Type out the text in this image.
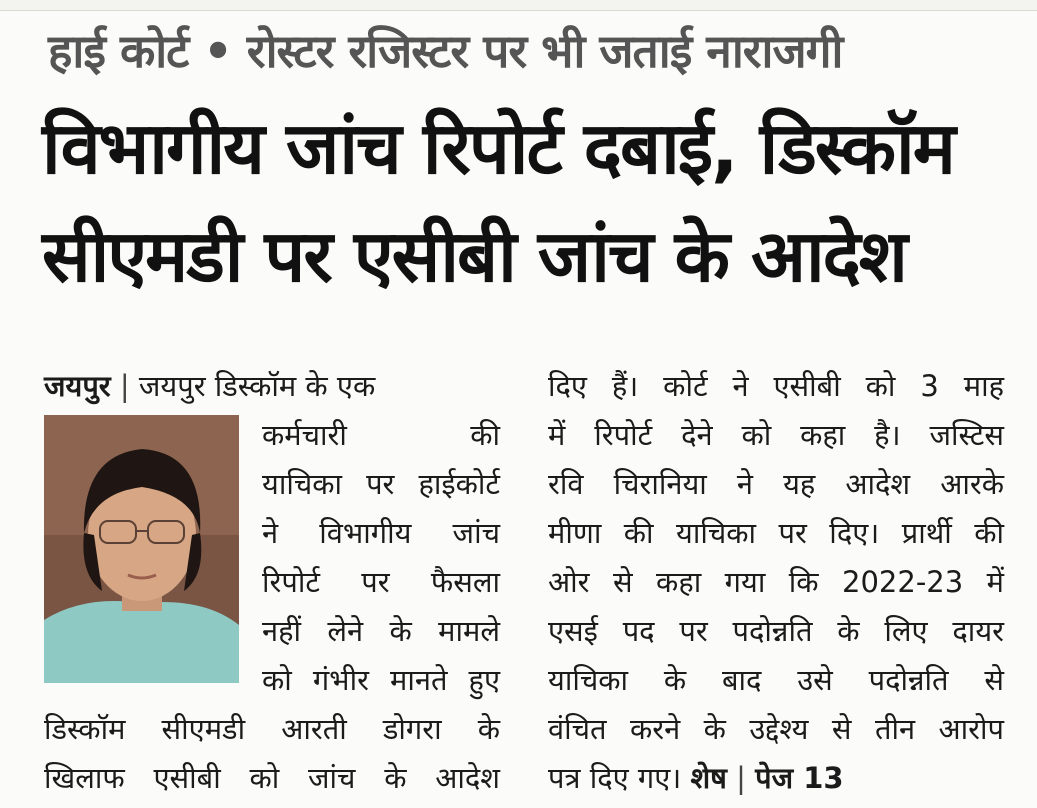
हाई कोर्ट • रोस्टर रजिस्टर पर भी जताई नाराजगी
विभागीय जांच रिपोर्ट दबाई, डिस्कॉम
सीएमडी पर एसीबी जांच के आदेश
जयपुर | जयपुर डिस्कॉम के एक
कर्मचारी की
याचिका पर हाईकोर्ट
ने विभागीय जांच
रिपोर्ट पर फैसला
नहीं लेने के मामले
को गंभीर मानते हुए
डिस्कॉम सीएमडी आरती डोगरा के
खिलाफ एसीबी को जांच के आदेश
दिए हैं। कोर्ट ने एसीबी को 3 माह
में रिपोर्ट देने को कहा है। जस्टिस
रवि चिरानिया ने यह आदेश आरके
मीणा की याचिका पर दिए। प्रार्थी की
ओर से कहा गया कि 2022-23 में
एसई पद पर पदोन्नति के लिए दायर
याचिका के बाद उसे पदोन्नति से
वंचित करने के उद्देश्य से तीन आरोप
पत्र दिए गए। शेष | पेज 13
